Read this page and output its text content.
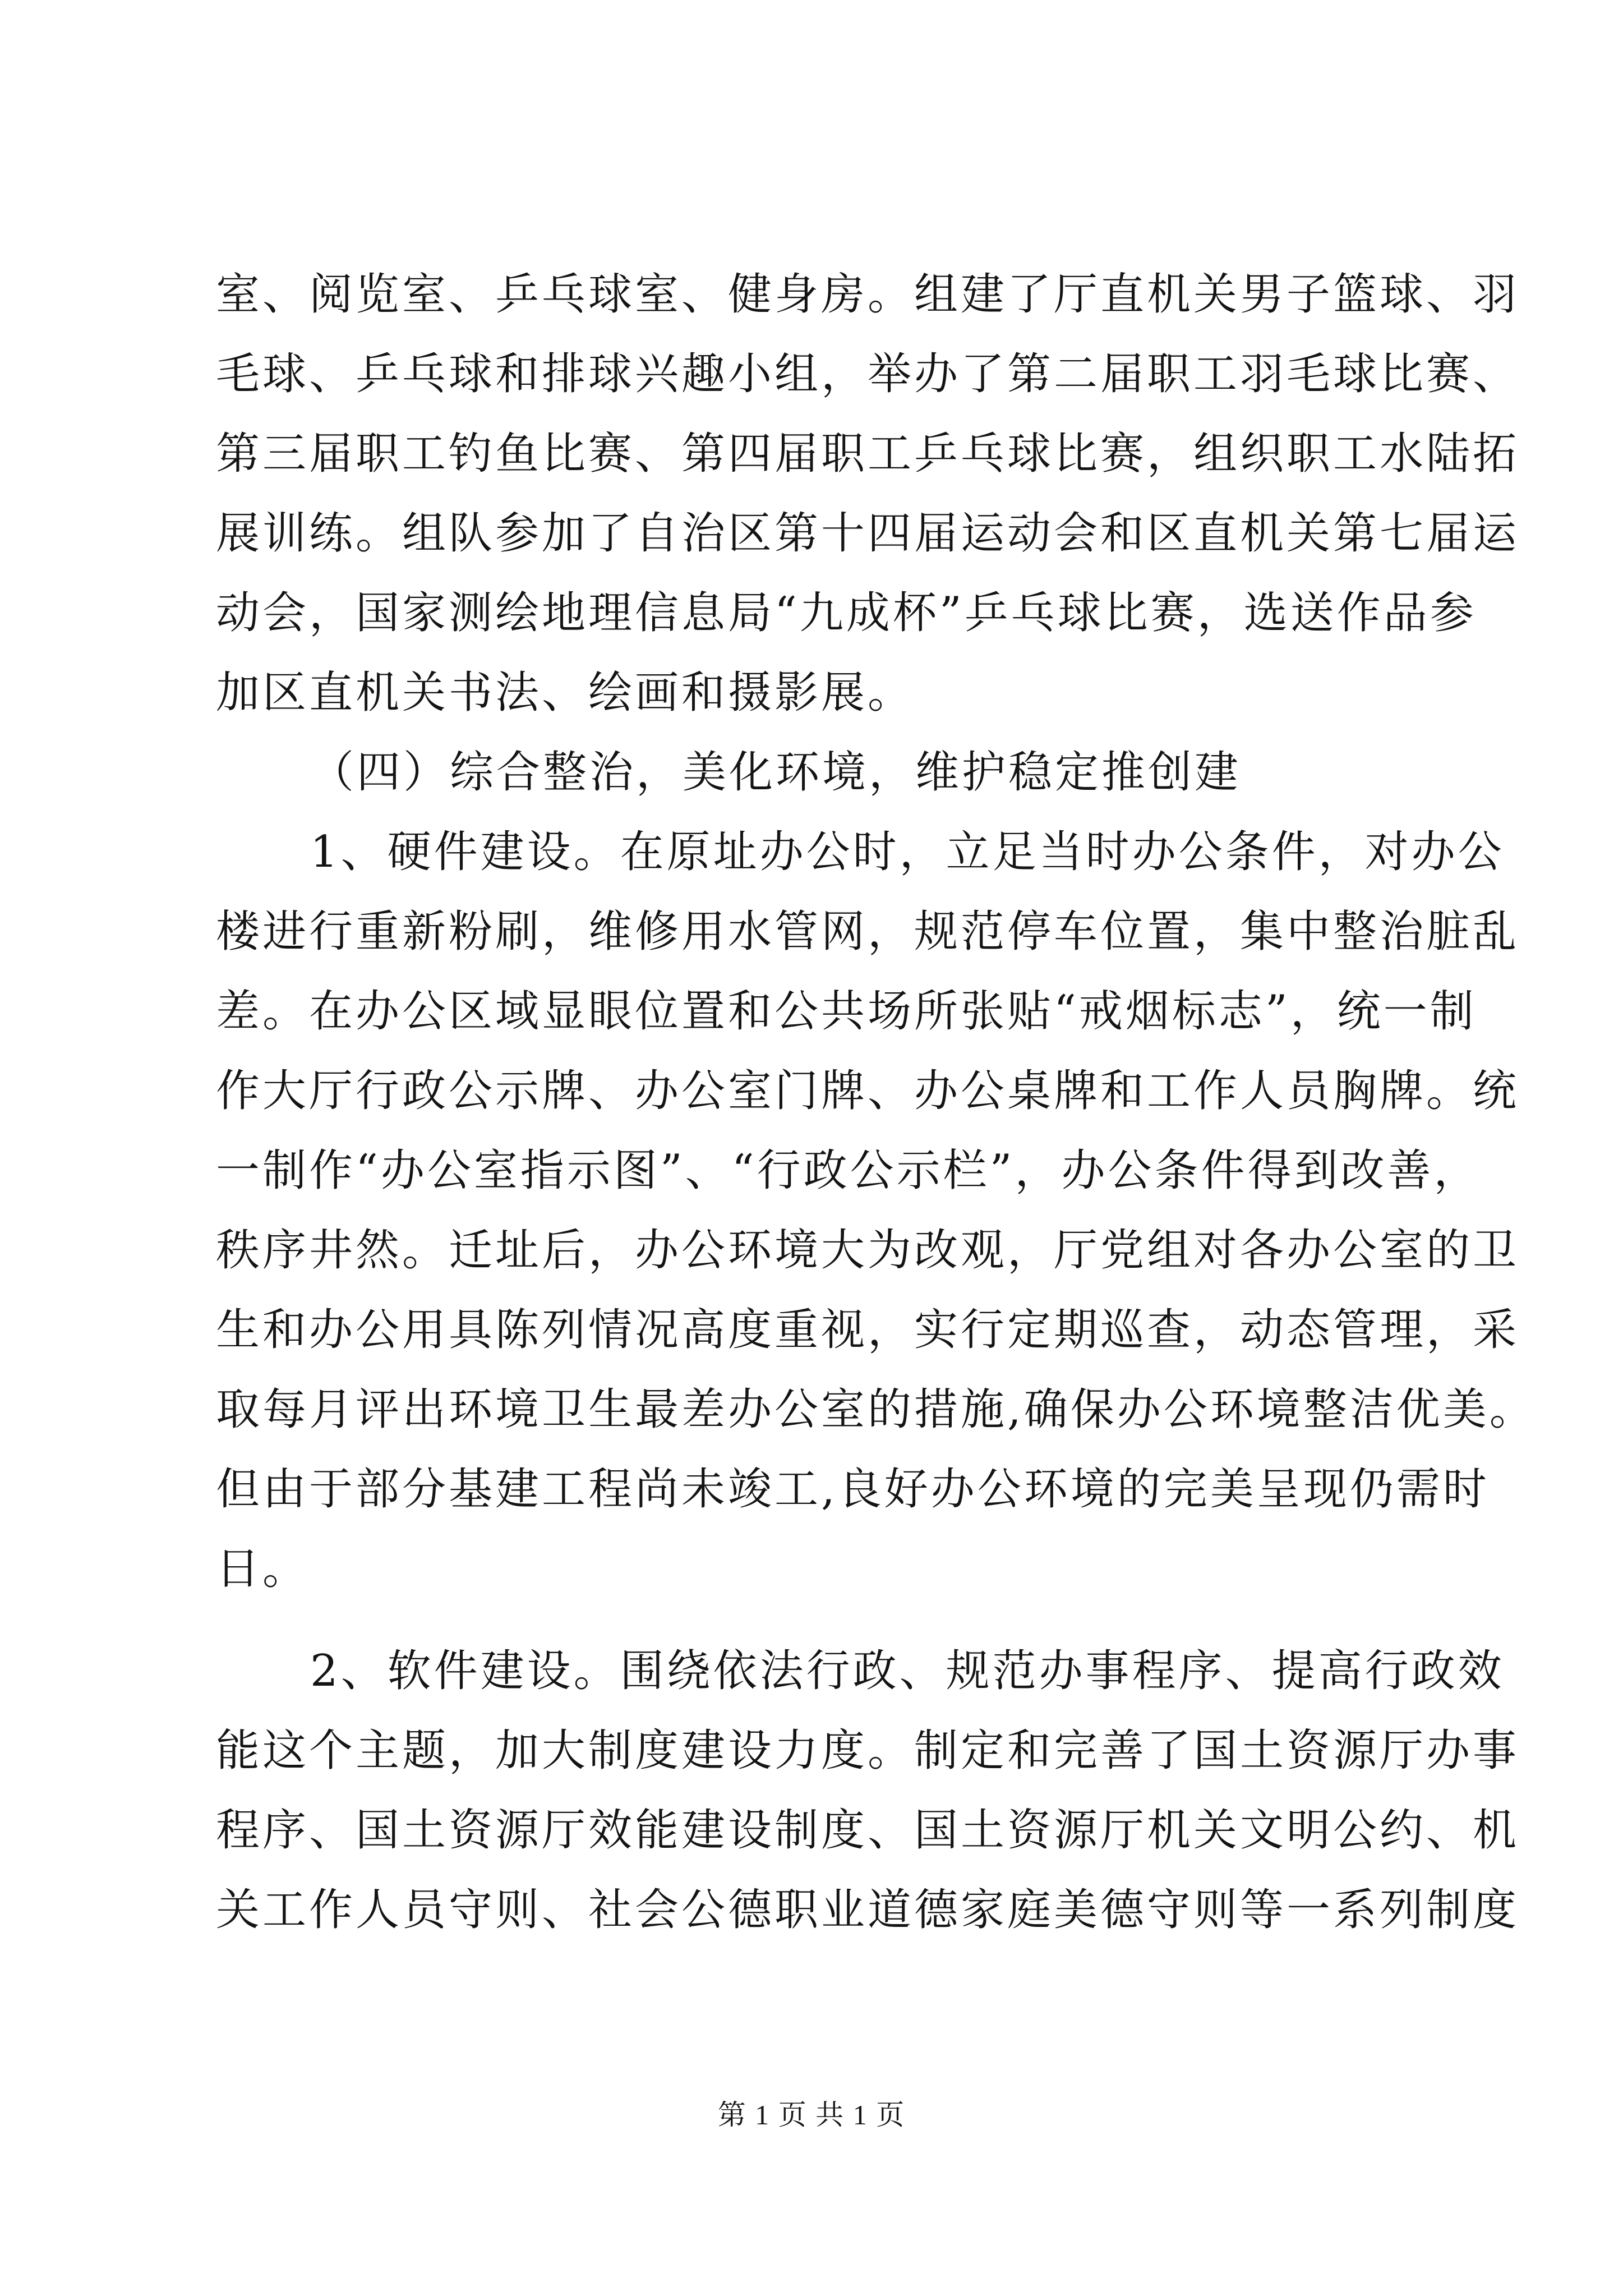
室、阅览室、乒乓球室、健身房。组建了厅直机关男子篮球、羽
毛球、乒乓球和排球兴趣小组，举办了第二届职工羽毛球比赛、
第三届职工钓鱼比赛、第四届职工乒乓球比赛，组织职工水陆拓
展训练。组队参加了自治区第十四届运动会和区直机关第七届运
动会，国家测绘地理信息局“九成杯”乒乓球比赛，选送作品参
加区直机关书法、绘画和摄影展。
（四）综合整治，美化环境，维护稳定推创建
1、硬件建设。在原址办公时，立足当时办公条件，对办公
楼进行重新粉刷，维修用水管网，规范停车位置，集中整治脏乱
差。在办公区域显眼位置和公共场所张贴“戒烟标志”，统一制
作大厅行政公示牌、办公室门牌、办公桌牌和工作人员胸牌。统
一制作“办公室指示图”、“行政公示栏”，办公条件得到改善，
秩序井然。迁址后，办公环境大为改观，厅党组对各办公室的卫
生和办公用具陈列情况高度重视，实行定期巡查，动态管理，采
取每月评出环境卫生最差办公室的措施,确保办公环境整洁优美。
但由于部分基建工程尚未竣工,良好办公环境的完美呈现仍需时
日。
2、软件建设。围绕依法行政、规范办事程序、提高行政效
能这个主题，加大制度建设力度。制定和完善了国土资源厅办事
程序、国土资源厅效能建设制度、国土资源厅机关文明公约、机
关工作人员守则、社会公德职业道德家庭美德守则等一系列制度
第 1 页 共 1 页
